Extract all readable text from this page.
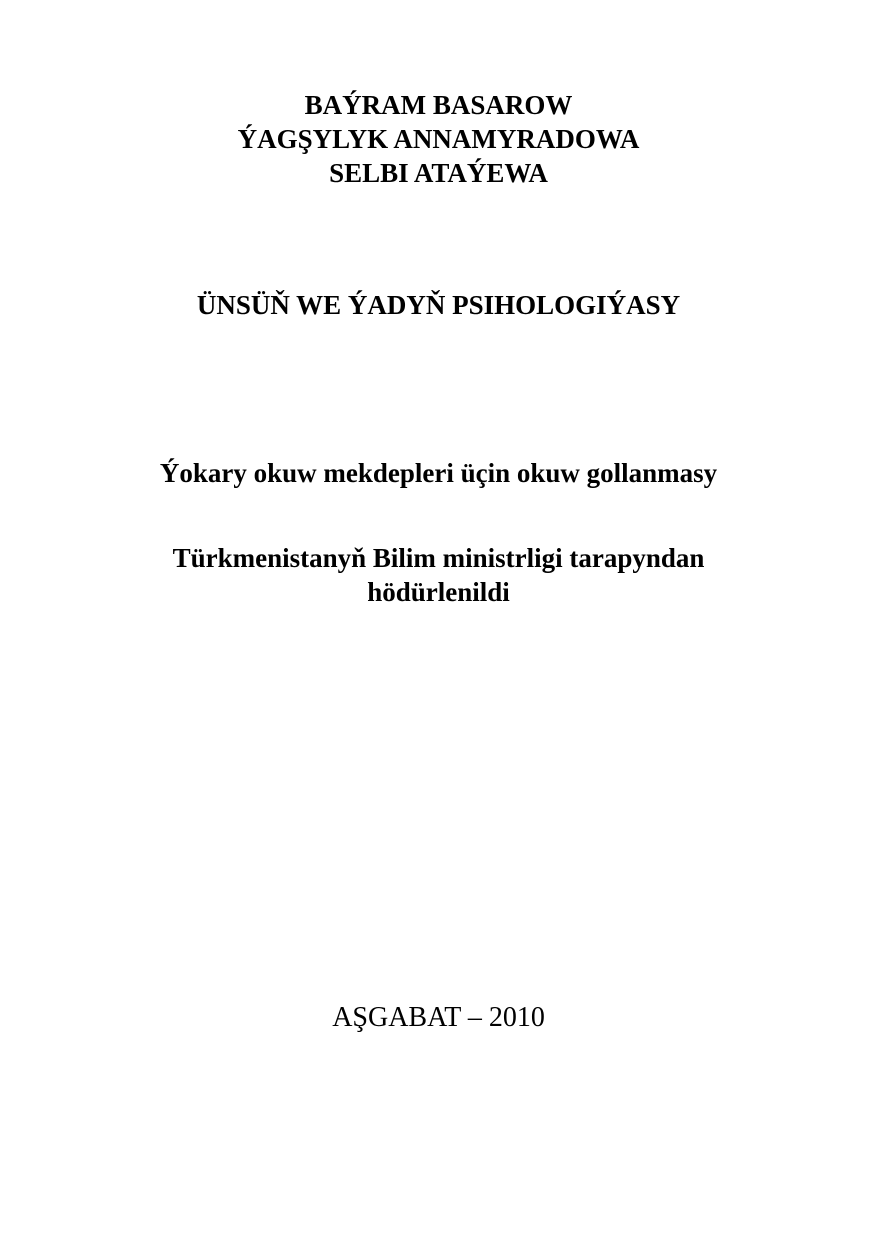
BAÝRAM BASAROW
ÝAGŞYLYK ANNAMYRADOWA
SELBI ATAÝEWA
ÜNSÜŇ WE ÝADYŇ PSIHOLOGIÝASY
Ýokary okuw mekdepleri üçin okuw gollanmasy
Türkmenistanyň Bilim ministrligi tarapyndan
hödürlenildi
AŞGABAT – 2010
